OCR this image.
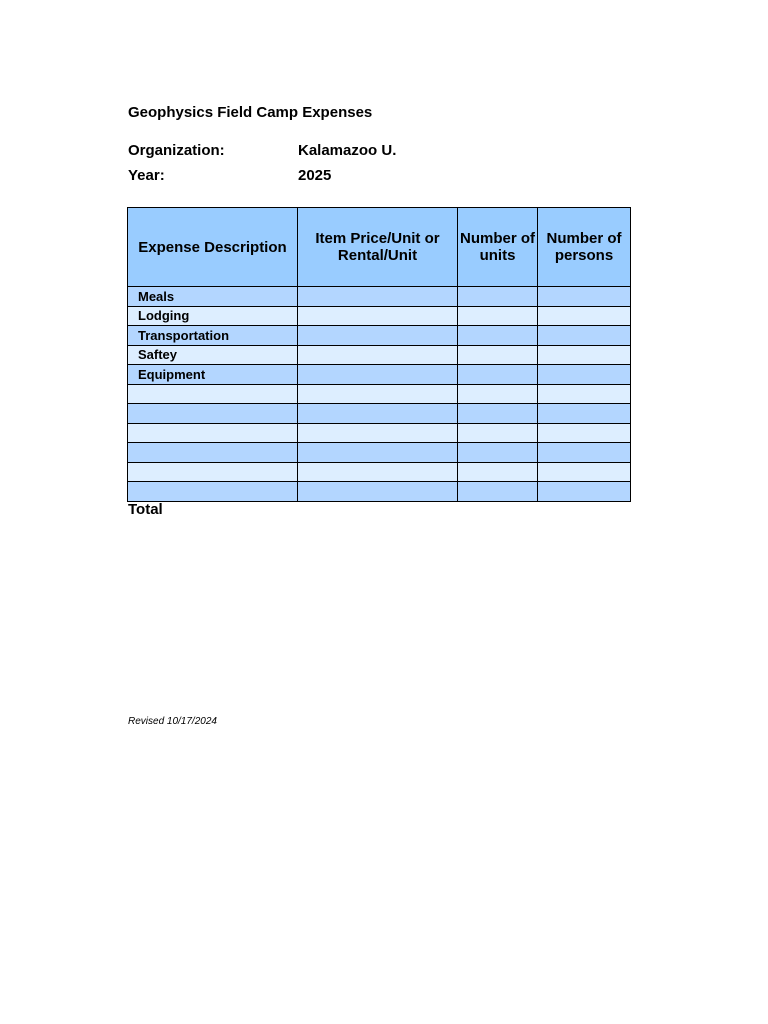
Geophysics Field Camp Expenses
Organization:	Kalamazoo U.
Year:	2025
Expense Description	Item Price/Unit or Rental/Unit	Number of units	Number of persons
Meals			
Lodging			
Transportation			
Saftey			
Equipment			

Total
Revised 10/17/2024
